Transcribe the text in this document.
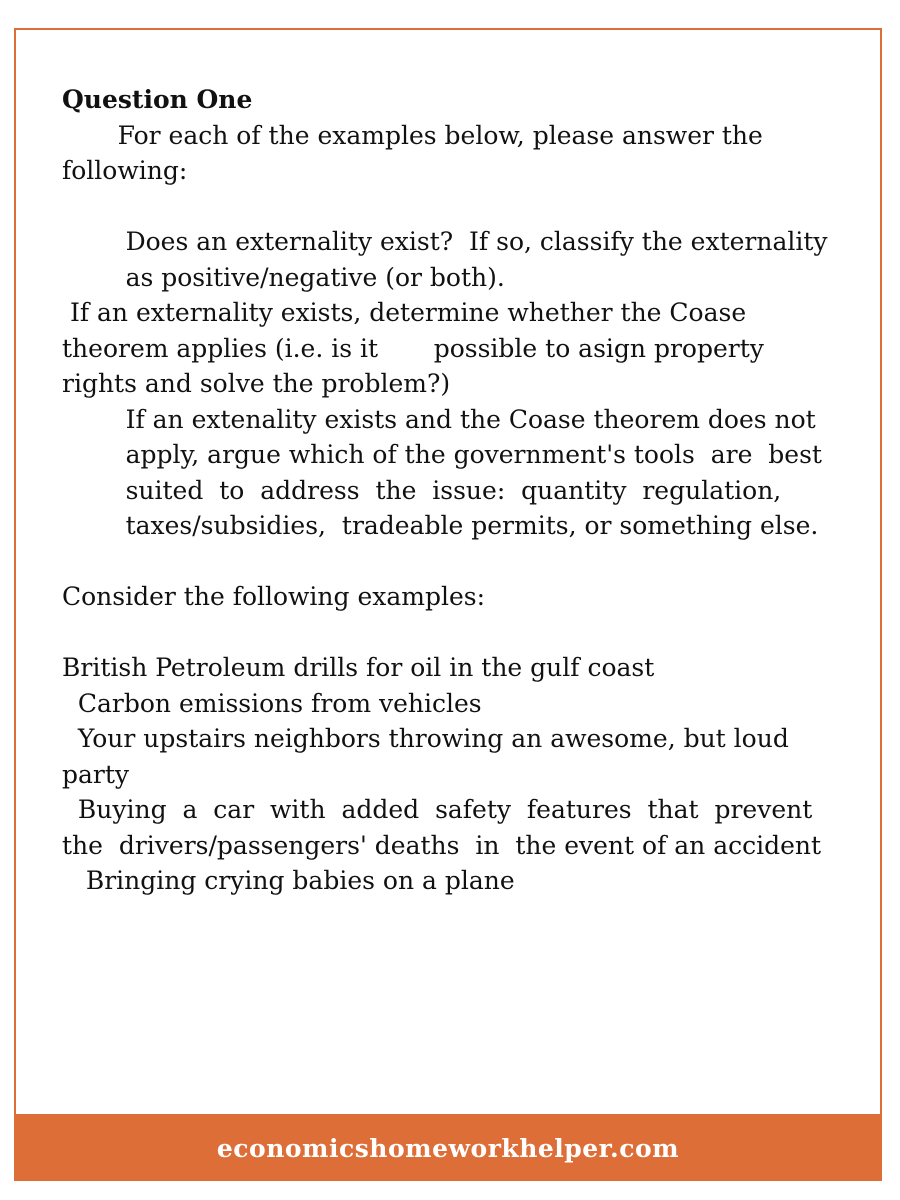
Question One
For each of the examples below, please answer the
following:
Does an externality exist?  If so, classify the externality
as positive/negative (or both).
If an externality exists, determine whether the Coase
theorem applies (i.e. is it       possible to asign property
rights and solve the problem?)
If an extenality exists and the Coase theorem does not
apply, argue which of the government's tools  are  best
suited  to  address  the  issue:  quantity  regulation,
taxes/subsidies,  tradeable permits, or something else.
Consider the following examples:
British Petroleum drills for oil in the gulf coast
Carbon emissions from vehicles
Your upstairs neighbors throwing an awesome, but loud
party
Buying  a  car  with  added  safety  features  that  prevent
the  drivers/passengers' deaths  in  the event of an accident
Bringing crying babies on a plane
economicshomeworkhelper.com
